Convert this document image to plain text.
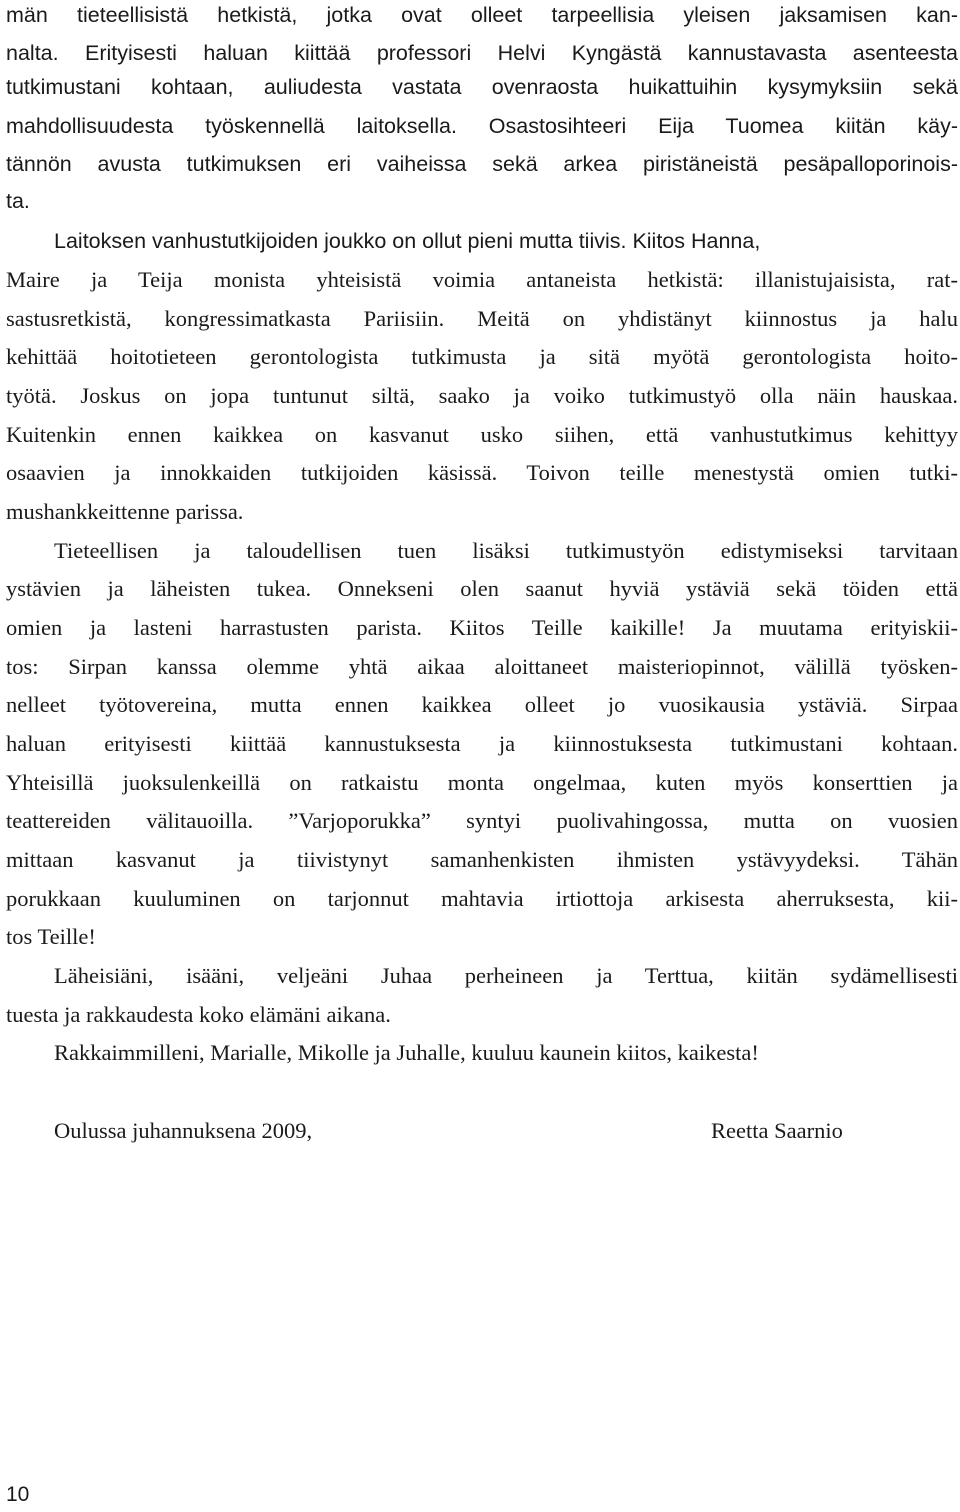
män tieteellisistä hetkistä, jotka ovat olleet tarpeellisia yleisen jaksamisen kan-
nalta. Erityisesti haluan kiittää professori Helvi Kyngästä kannustavasta asenteesta
tutkimustani kohtaan, auliudesta vastata ovenraosta huikattuihin kysymyksiin sekä
mahdollisuudesta työskennellä laitoksella. Osastosihteeri Eija Tuomea kiitän käy-
tännön avusta tutkimuksen eri vaiheissa sekä arkea piristäneistä pesäpalloporinois-
ta.
Laitoksen vanhustutkijoiden joukko on ollut pieni mutta tiivis. Kiitos Hanna,
Maire ja Teija monista yhteisistä voimia antaneista hetkistä: illanistujaisista, rat-
sastusretkistä, kongressimatkasta Pariisiin. Meitä on yhdistänyt kiinnostus ja halu
kehittää hoitotieteen gerontologista tutkimusta ja sitä myötä gerontologista hoito-
työtä. Joskus on jopa tuntunut siltä, saako ja voiko tutkimustyö olla näin hauskaa.
Kuitenkin ennen kaikkea on kasvanut usko siihen, että vanhustutkimus kehittyy
osaavien ja innokkaiden tutkijoiden käsissä. Toivon teille menestystä omien tutki-
mushankkeittenne parissa.
Tieteellisen ja taloudellisen tuen lisäksi tutkimustyön edistymiseksi tarvitaan
ystävien ja läheisten tukea. Onnekseni olen saanut hyviä ystäviä sekä töiden että
omien ja lasteni harrastusten parista. Kiitos Teille kaikille! Ja muutama erityiskii-
tos: Sirpan kanssa olemme yhtä aikaa aloittaneet maisteriopinnot, välillä työsken-
nelleet työtovereina, mutta ennen kaikkea olleet jo vuosikausia ystäviä. Sirpaa
haluan erityisesti kiittää kannustuksesta ja kiinnostuksesta tutkimustani kohtaan.
Yhteisillä juoksulenkeillä on ratkaistu monta ongelmaa, kuten myös konserttien ja
teattereiden välitauoilla. ”Varjoporukka” syntyi puolivahingossa, mutta on vuosien
mittaan kasvanut ja tiivistynyt samanhenkisten ihmisten ystävyydeksi. Tähän
porukkaan kuuluminen on tarjonnut mahtavia irtiottoja arkisesta aherruksesta, kii-
tos Teille!
Läheisiäni, isääni, veljeäni Juhaa perheineen ja Terttua, kiitän sydämellisesti
tuesta ja rakkaudesta koko elämäni aikana.
Rakkaimmilleni, Marialle, Mikolle ja Juhalle, kuuluu kaunein kiitos, kaikesta!
Oulussa juhannuksena 2009,	Reetta Saarnio
10
